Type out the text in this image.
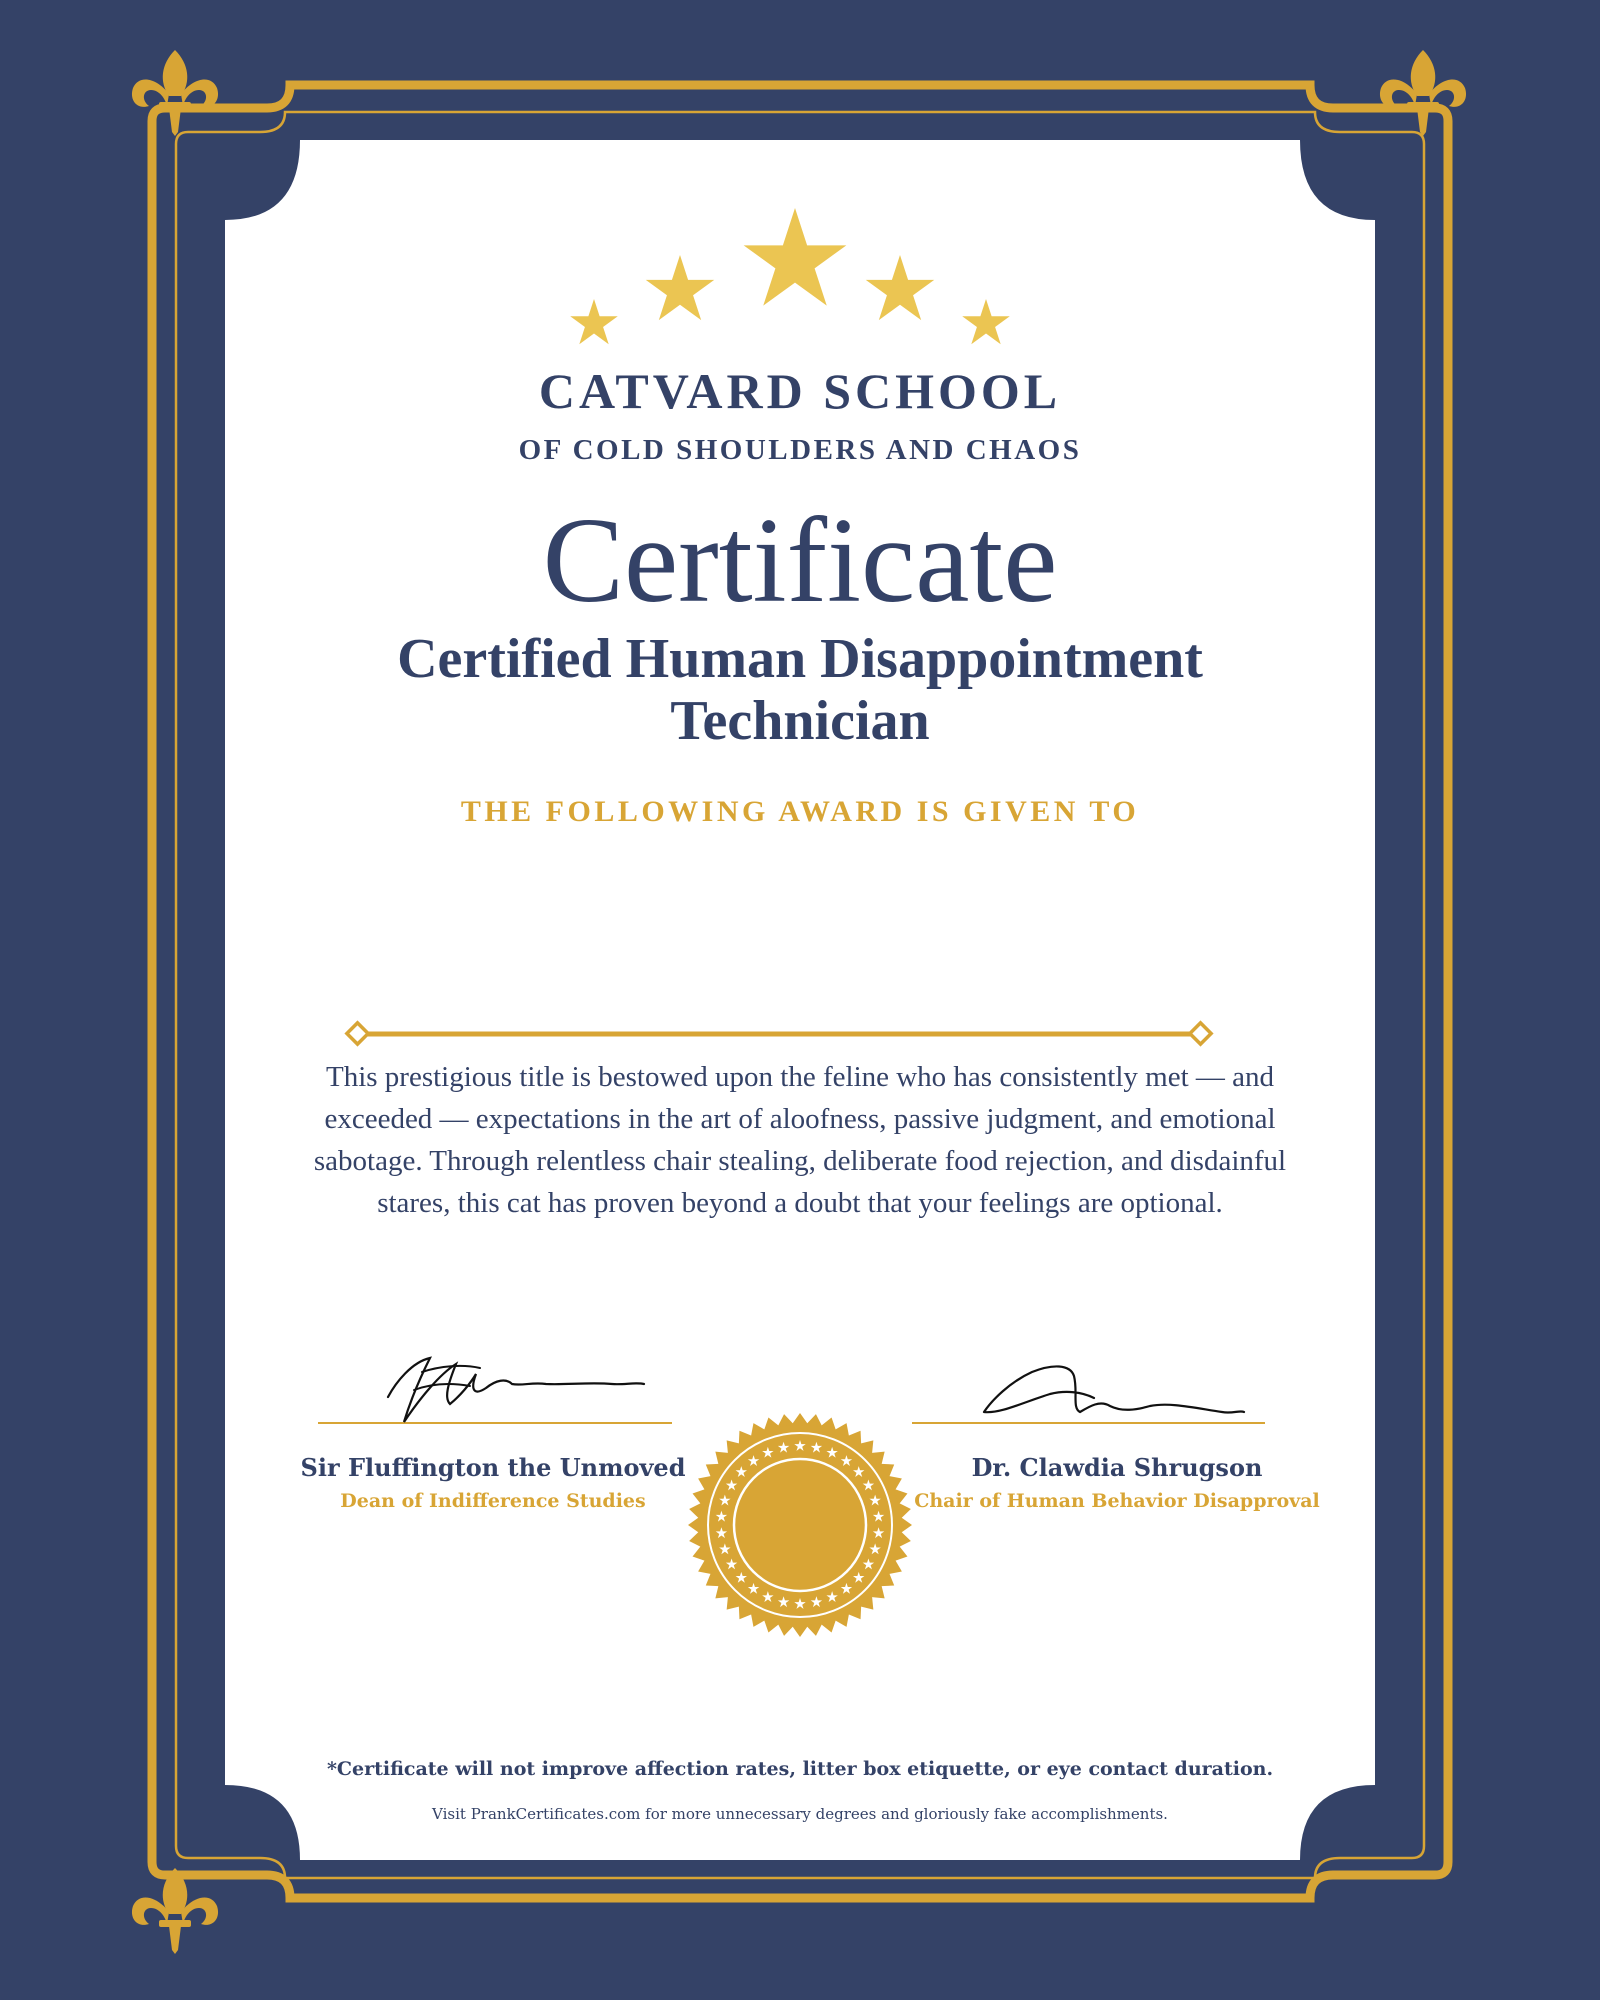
CATVARD SCHOOL
OF COLD SHOULDERS AND CHAOS
Certificate
Certified Human Disappointment
Technician
THE FOLLOWING AWARD IS GIVEN TO
This prestigious title is bestowed upon the feline who has consistently met — and exceeded — expectations in the art of aloofness, passive judgment, and emotional sabotage. Through relentless chair stealing, deliberate food rejection, and disdainful stares, this cat has proven beyond a doubt that your feelings are optional.
Sir Fluffington the Unmoved
Dean of Indifference Studies
Dr. Clawdia Shrugson
Chair of Human Behavior Disapproval
*Certificate will not improve affection rates, litter box etiquette, or eye contact duration.
Visit PrankCertificates.com for more unnecessary degrees and gloriously fake accomplishments.
